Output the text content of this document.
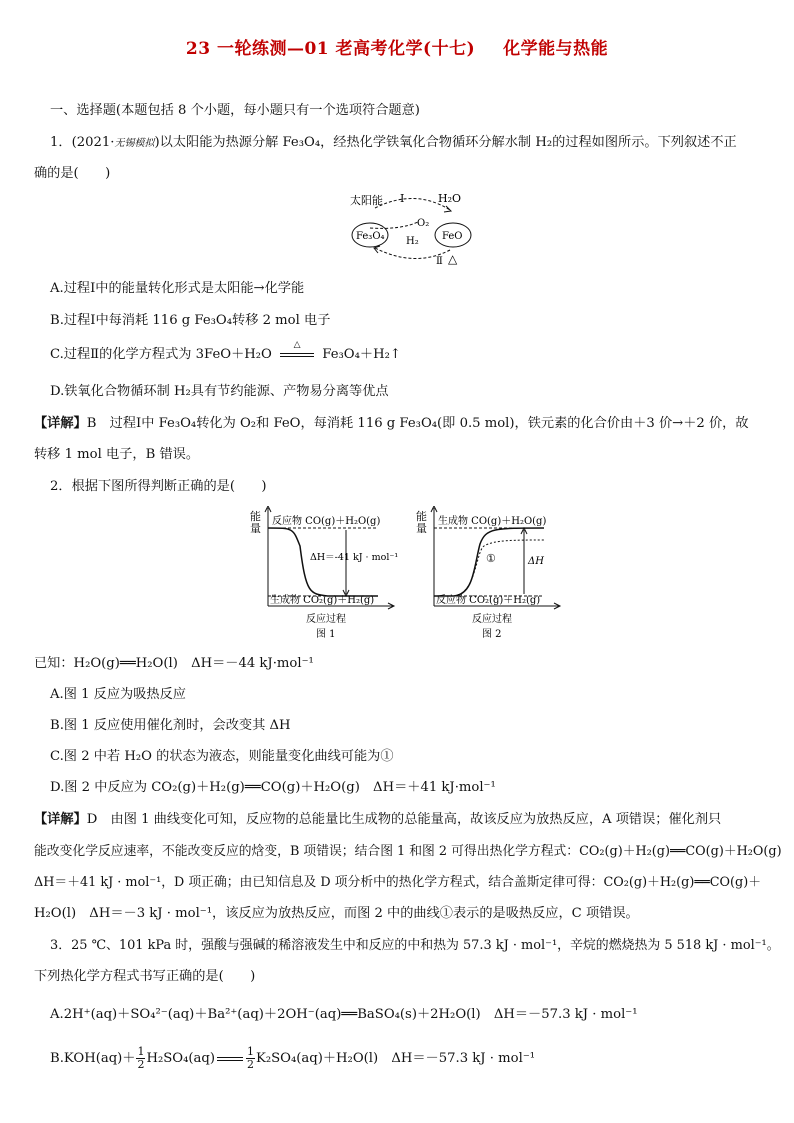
23 一轮练测—01 老高考化学(十七) 化学能与热能
一、选择题(本题包括 8 个小题，每小题只有一个选项符合题意)
1．(2021·无锡模拟)以太阳能为热源分解 Fe₃O₄，经热化学铁氧化合物循环分解水制 H₂的过程如图所示。下列叙述不正
确的是(　　)
太阳能 Ⅰ	H₂O
O₂
Fe₃O₄	FeO
H₂
Ⅱ △
A.过程Ⅰ中的能量转化形式是太阳能→化学能
B.过程Ⅰ中每消耗 116 g Fe₃O₄转移 2 mol 电子
C.过程Ⅱ的化学方程式为 3FeO＋H₂O
△
Fe₃O₄＋H₂↑
D.铁氧化合物循环制 H₂具有节约能源、产物易分离等优点
【详解】B　过程Ⅰ中 Fe₃O₄转化为 O₂和 FeO，每消耗 116 g Fe₃O₄(即 0.5 mol)，铁元素的化合价由＋3 价→＋2 价，故
转移 1 mol 电子，B 错误。
2．根据下图所得判断正确的是(　　)
能
量
反应物 CO(g)＋H₂O(g)
ΔH＝-41 kJ · mol⁻¹
生成物 CO₂(g)＋H₂(g)
反应过程
图 1
能
量
生成物 CO(g)＋H₂O(g)
①	ΔH
反应物 CO₂(g)＋H₂(g)
反应过程
图 2
已知：H₂O(g)══H₂O(l)　ΔH＝－44 kJ·mol⁻¹
A.图 1 反应为吸热反应
B.图 1 反应使用催化剂时，会改变其 ΔH
C.图 2 中若 H₂O 的状态为液态，则能量变化曲线可能为①
D.图 2 中反应为 CO₂(g)＋H₂(g)══CO(g)＋H₂O(g)　ΔH＝＋41 kJ·mol⁻¹
【详解】D　由图 1 曲线变化可知，反应物的总能量比生成物的总能量高，故该反应为放热反应，A 项错误；催化剂只
能改变化学反应速率，不能改变反应的焓变，B 项错误；结合图 1 和图 2 可得出热化学方程式：CO₂(g)＋H₂(g)══CO(g)＋H₂O(g)
ΔH＝＋41 kJ · mol⁻¹，D 项正确；由已知信息及 D 项分析中的热化学方程式，结合盖斯定律可得：CO₂(g)＋H₂(g)══CO(g)＋
H₂O(l)　ΔH＝－3 kJ · mol⁻¹，该反应为放热反应，而图 2 中的曲线①表示的是吸热反应，C 项错误。
3．25 ℃、101 kPa 时，强酸与强碱的稀溶液发生中和反应的中和热为 57.3 kJ · mol⁻¹，辛烷的燃烧热为 5 518 kJ · mol⁻¹。
下列热化学方程式书写正确的是(　　)
A.2H⁺(aq)＋SO₄²⁻(aq)＋Ba²⁺(aq)＋2OH⁻(aq)══BaSO₄(s)＋2H₂O(l)　ΔH＝－57.3 kJ · mol⁻¹
$B.KOH(aq)+ \frac{1}{2} H_2SO_4(aq)$	$\frac{1}{2} K_2SO_4(aq)+H_2O(l)$　ΔH＝－57.3 kJ · mol⁻¹
